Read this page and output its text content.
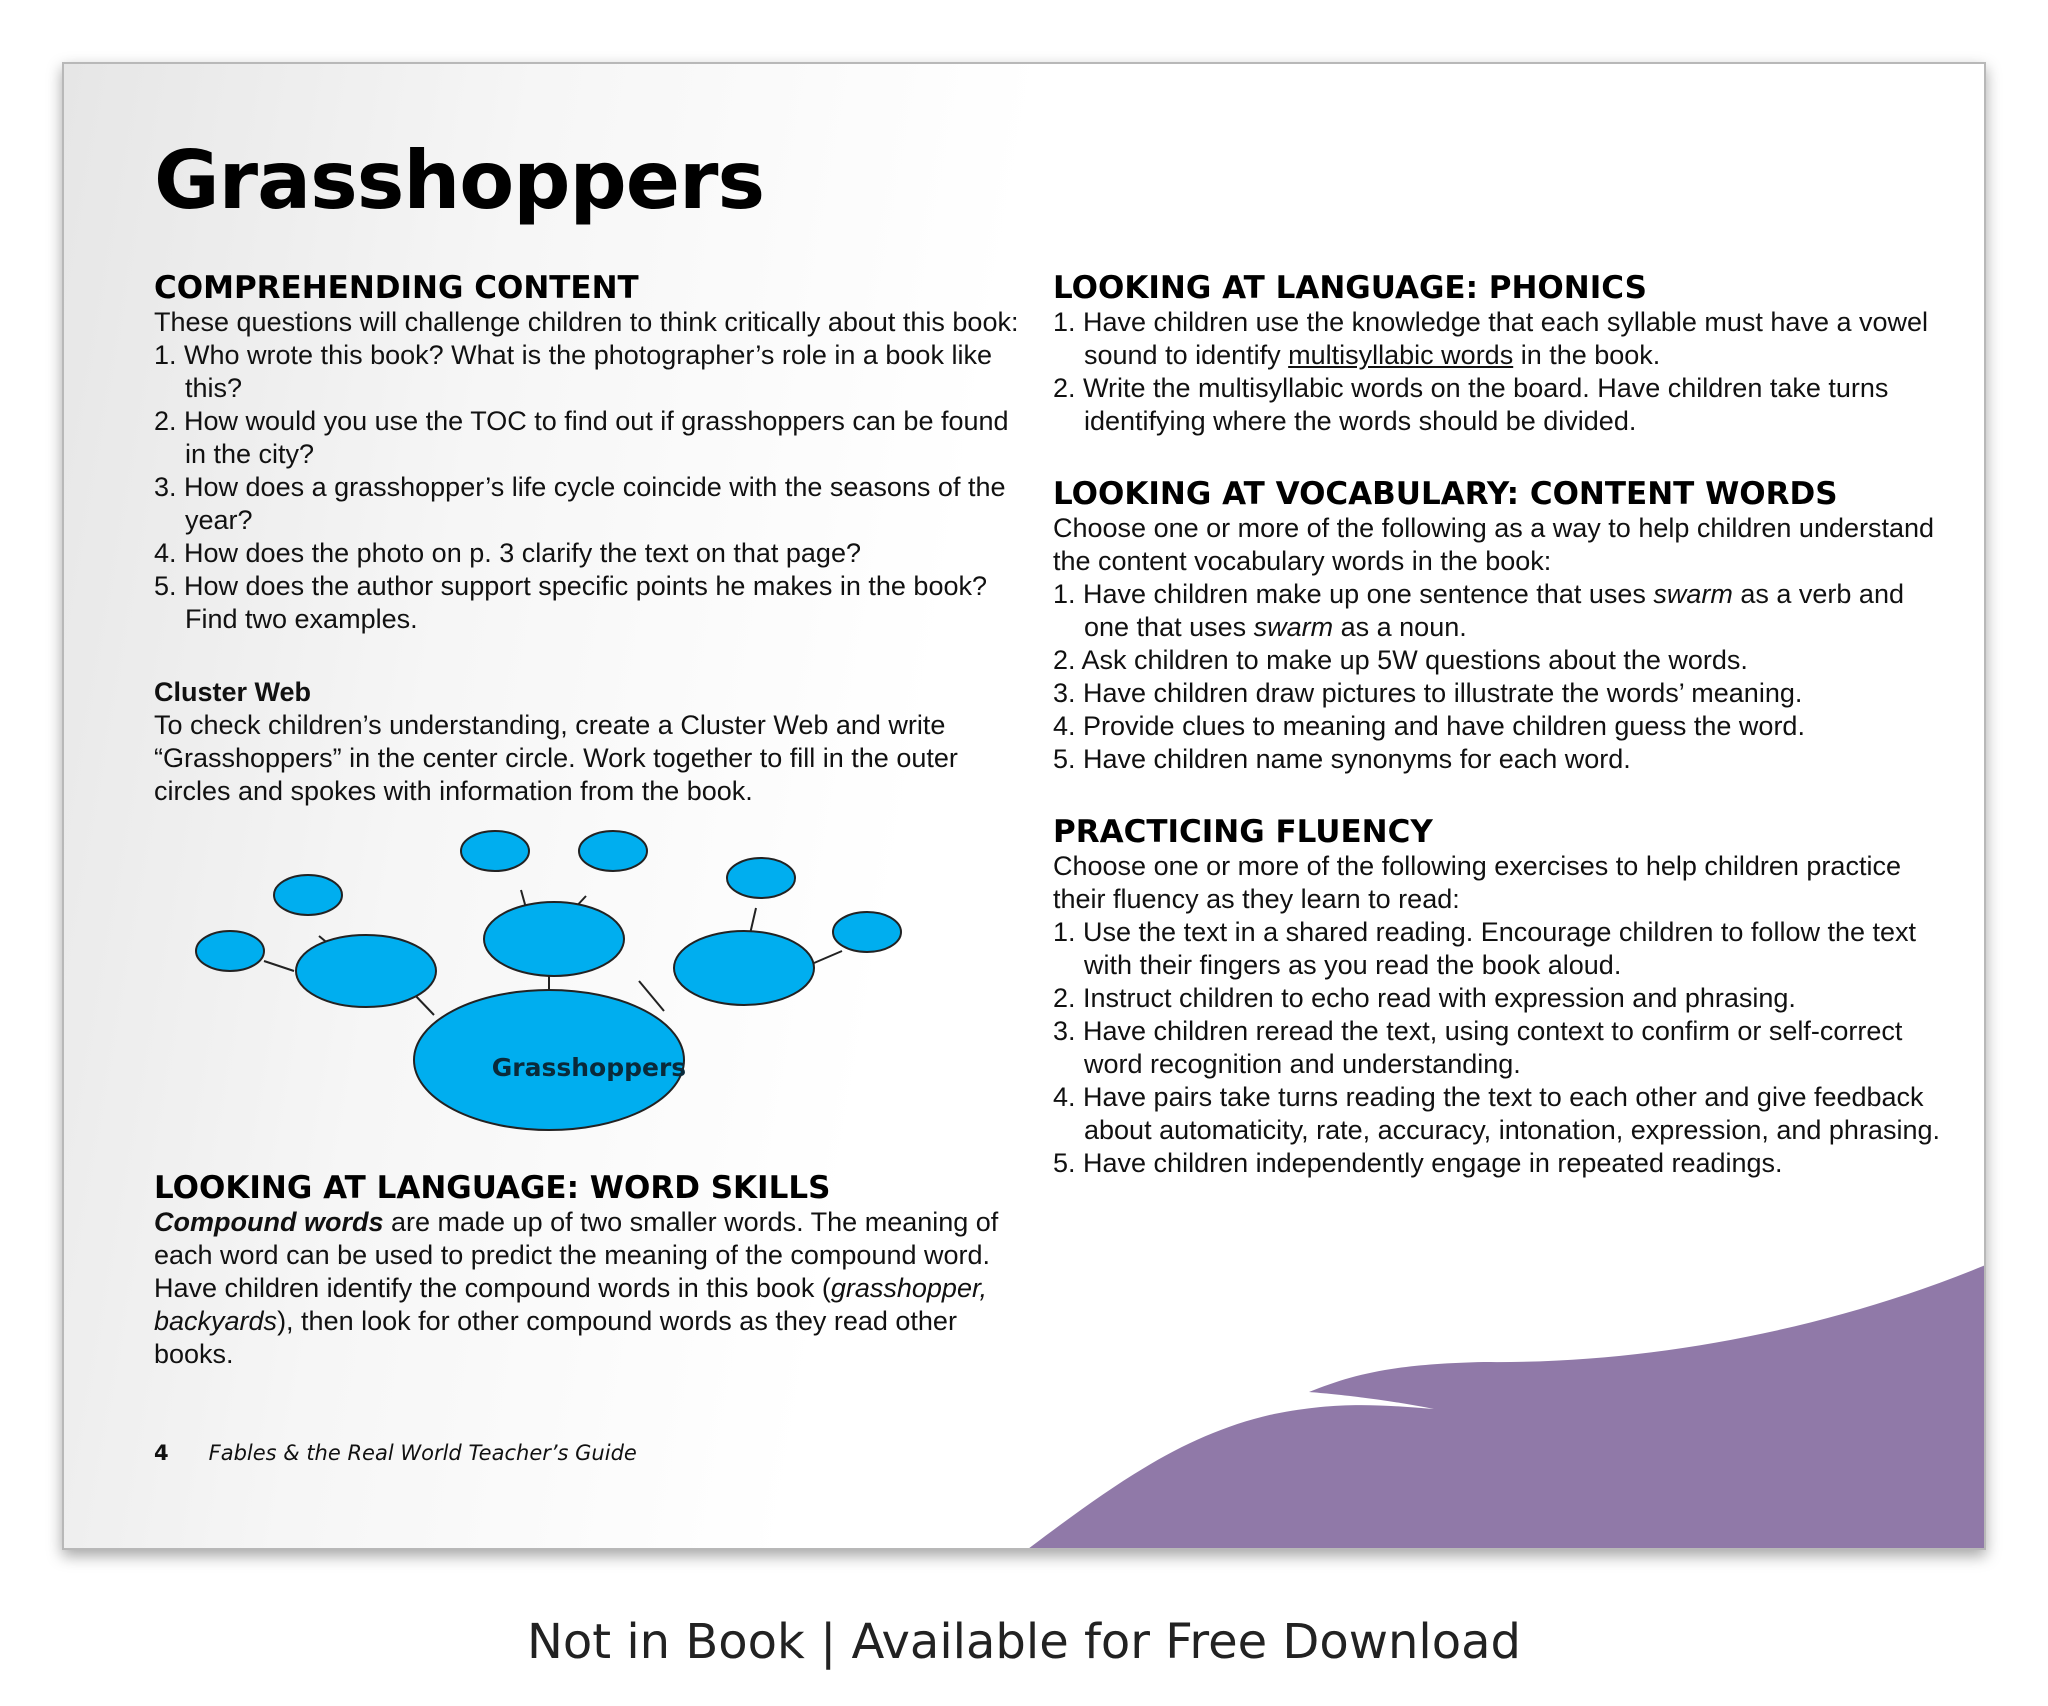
Grasshoppers
COMPREHENDING CONTENT

These questions will challenge children to think critically about this book:

1. Who wrote this book? What is the photographer’s role in a book like this?
2. How would you use the TOC to find out if grasshoppers can be found in the city?
3. How does a grasshopper’s life cycle coincide with the seasons of the year?
4. How does the photo on p. 3 clarify the text on that page?
5. How does the author support specific points he makes in the book? Find two examples.
Cluster Web

To check children’s understanding, create a Cluster Web and write “Grasshoppers” in the center circle. Work together to fill in the outer circles and spokes with information from the book.

Grasshoppers
LOOKING AT LANGUAGE: WORD SKILLS

Compound words are made up of two smaller words. The meaning of each word can be used to predict the meaning of the compound word. Have children identify the compound words in this book (grasshopper, backyards), then look for other compound words as they read other books.

LOOKING AT LANGUAGE: PHONICS
1. Have children use the knowledge that each syllable must have a vowel sound to identify multisyllabic words in the book.
2. Write the multisyllabic words on the board. Have children take turns identifying where the words should be divided.
LOOKING AT VOCABULARY: CONTENT WORDS

Choose one or more of the following as a way to help children understand the content vocabulary words in the book:

1. Have children make up one sentence that uses swarm as a verb and one that uses swarm as a noun.
2. Ask children to make up 5W questions about the words.
3. Have children draw pictures to illustrate the words’ meaning.
4. Provide clues to meaning and have children guess the word.
5. Have children name synonyms for each word.
PRACTICING FLUENCY

Choose one or more of the following exercises to help children practice their fluency as they learn to read:

1. Use the text in a shared reading. Encourage children to follow the text with their fingers as you read the book aloud.
2. Instruct children to echo read with expression and phrasing.
3. Have children reread the text, using context to confirm or self-correct word recognition and understanding.
4. Have pairs take turns reading the text to each other and give feedback about automaticity, rate, accuracy, intonation, expression, and phrasing.
5. Have children independently engage in repeated readings.
4 Fables & the Real World Teacher’s Guide
Not in Book | Available for Free Download
